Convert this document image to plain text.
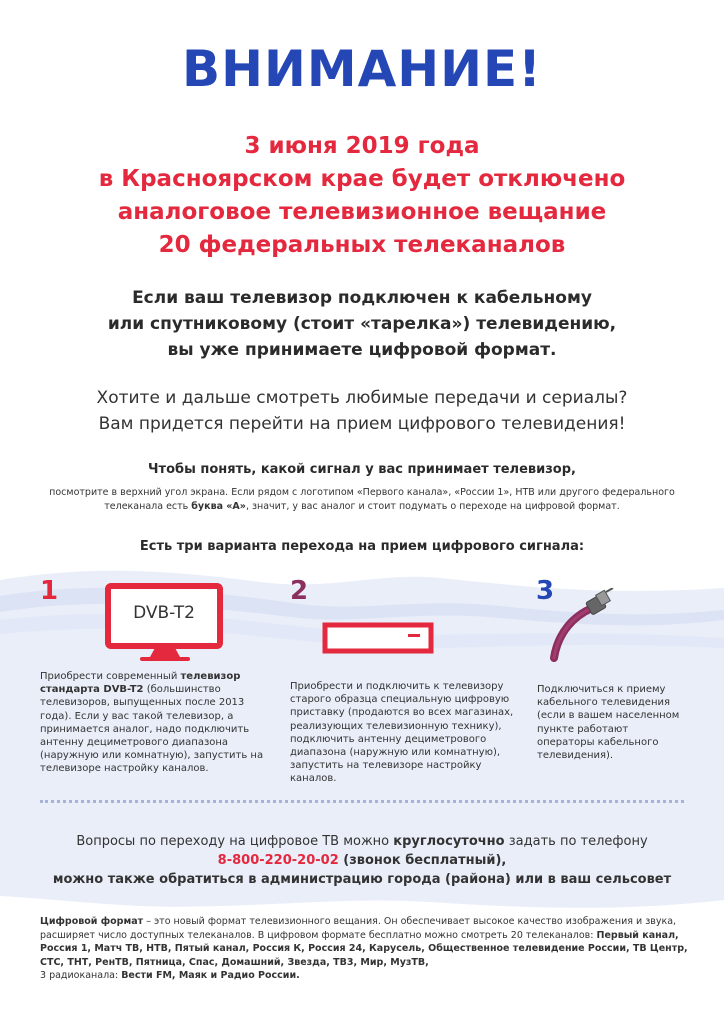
ВНИМАНИЕ!
3 июня 2019 года
в Красноярском крае будет отключено
аналоговое телевизионное вещание
20 федеральных телеканалов
Если ваш телевизор подключен к кабельному
или спутниковому (стоит «тарелка») телевидению,
вы уже принимаете цифровой формат.
Хотите и дальше смотреть любимые передачи и сериалы?
Вам придется перейти на прием цифрового телевидения!
Чтобы понять, какой сигнал у вас принимает телевизор,
посмотрите в верхний угол экрана. Если рядом с логотипом «Первого канала», «России 1», НТВ или другого федерального телеканала есть буква «А», значит, у вас аналог и стоит подумать о переходе на цифровой формат.
Есть три варианта перехода на прием цифрового сигнала:
1	2	3
DVB-T2
Приобрести современный телевизор стандарта DVB-T2 (большинство телевизоров, выпущенных после 2013 года). Если у вас такой телевизор, а принимается аналог, надо подключить антенну дециметрового диапазона (наружную или комнатную), запустить на телевизоре настройку каналов.
Приобрести и подключить к телевизору старого образца специальную цифровую приставку (продаются во всех магазинах, реализующих телевизионную технику), подключить антенну дециметрового диапазона (наружную или комнатную), запустить на телевизоре настройку каналов.
Подключиться к приему кабельного телевидения (если в вашем населенном пункте работают операторы кабельного телевидения).
Вопросы по переходу на цифровое ТВ можно круглосуточно задать по телефону
8-800-220-20-02 (звонок бесплатный),
можно также обратиться в администрацию города (района) или в ваш сельсовет
Цифровой формат – это новый формат телевизионного вещания. Он обеспечивает высокое качество изображения и звука, расширяет число доступных телеканалов. В цифровом формате бесплатно можно смотреть 20 телеканалов: Первый канал, Россия 1, Матч ТВ, НТВ, Пятый канал, Россия К, Россия 24, Карусель, Общественное телевидение России, ТВ Центр, СТС, ТНТ, РенТВ, Пятница, Спас, Домашний, Звезда, ТВ3, Мир, МузТВ,
3 радиоканала: Вести FM, Маяк и Радио России.
